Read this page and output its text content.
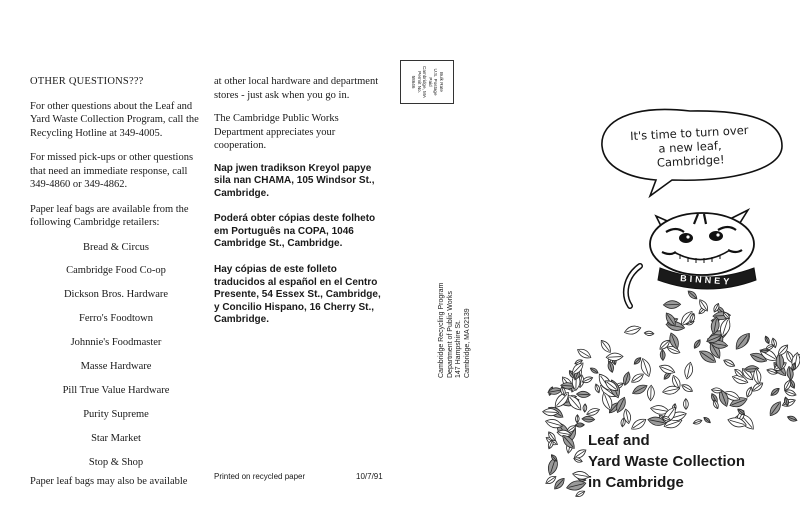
OTHER QUESTIONS???

For other questions about the Leaf and Yard Waste Collection Program, call the Recycling Hotline at 349-4005.

For missed pick-ups or other questions that need an immediate response, call 349-4860 or 349-4862.

Paper leaf bags are available from the following Cambridge retailers:

Bread & Circus
Cambridge Food Co-op
Dickson Bros. Hardware
Ferro's Foodtown
Johnnie's Foodmaster
Masse Hardware
Pill True Value Hardware
Purity Supreme
Star Market
Stop & Shop
Paper leaf bags may also be available

at other local hardware and department stores - just ask when you go in.

The Cambridge Public Works Department appreciates your cooperation.

Nap jwen tradikson Kreyol papye sila nan CHAMA, 105 Windsor St., Cambridge.

Poderá obter cópias deste folheto em Português na COPA, 1046 Cambridge St., Cambridge.

Hay cópias de este folleto traducidos al español en el Centro Presente, 54 Essex St., Cambridge, y Concilio Hispano, 16 Cherry St., Cambridge.

Printed on recycled paper	10/7/91
Bulk Rate
U.S. Postage
Paid
Cambridge, MA
Permit No.
58646
Cambridge Recycling Program Department of Public Works 147 Hampshire St. Cambridge, MA 02139
BINNEY
It's time to turn over
a new leaf,
Cambridge!
Leaf and
Yard Waste Collection
in Cambridge
